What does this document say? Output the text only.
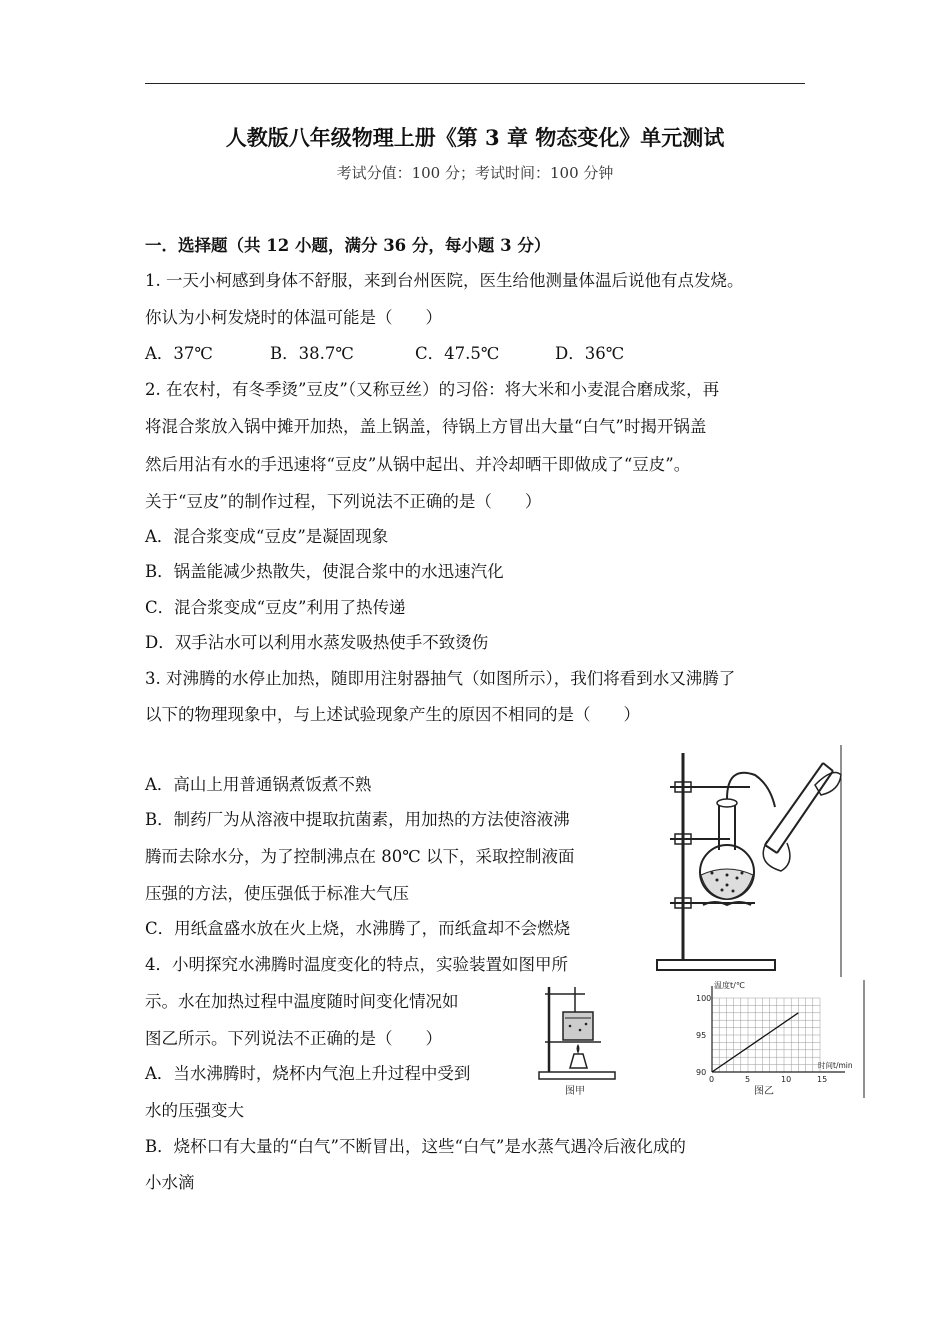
人教版八年级物理上册《第 3 章 物态变化》单元测试
考试分值：100 分；考试时间：100 分钟
一．选择题（共 12 小题，满分 36 分，每小题 3 分）
1. 一天小柯感到身体不舒服，来到台州医院，医生给他测量体温后说他有点发烧。
你认为小柯发烧时的体温可能是（　　）
A．37℃	B．38.7℃	C．47.5℃	D．36℃
2. 在农村，有冬季烫”豆皮”（又称豆丝）的习俗：将大米和小麦混合磨成浆，再
将混合浆放入锅中摊开加热，盖上锅盖，待锅上方冒出大量“白气”时揭开锅盖
然后用沾有水的手迅速将“豆皮”从锅中起出、并冷却晒干即做成了“豆皮”。
关于“豆皮”的制作过程，下列说法不正确的是（　　）
A．混合浆变成“豆皮”是凝固现象
B．锅盖能减少热散失，使混合浆中的水迅速汽化
C．混合浆变成“豆皮”利用了热传递
D．双手沾水可以利用水蒸发吸热使手不致烫伤
3. 对沸腾的水停止加热，随即用注射器抽气（如图所示），我们将看到水又沸腾了
以下的物理现象中，与上述试验现象产生的原因不相同的是（　　）
A．高山上用普通锅煮饭煮不熟
B．制药厂为从溶液中提取抗菌素，用加热的方法使溶液沸
腾而去除水分，为了控制沸点在 80℃ 以下，采取控制液面
压强的方法，使压强低于标准大气压
C．用纸盒盛水放在火上烧，水沸腾了，而纸盒却不会燃烧
4．小明探究水沸腾时温度变化的特点，实验装置如图甲所
示。水在加热过程中温度随时间变化情况如
图乙所示。下列说法不正确的是（　　）
A．当水沸腾时，烧杯内气泡上升过程中受到
水的压强变大
B．烧杯口有大量的“白气”不断冒出，这些“白气”是水蒸气遇冷后液化成的
小水滴
图甲
0	5	10	15
90
95
100
温度t/℃
时间t/min
图乙
